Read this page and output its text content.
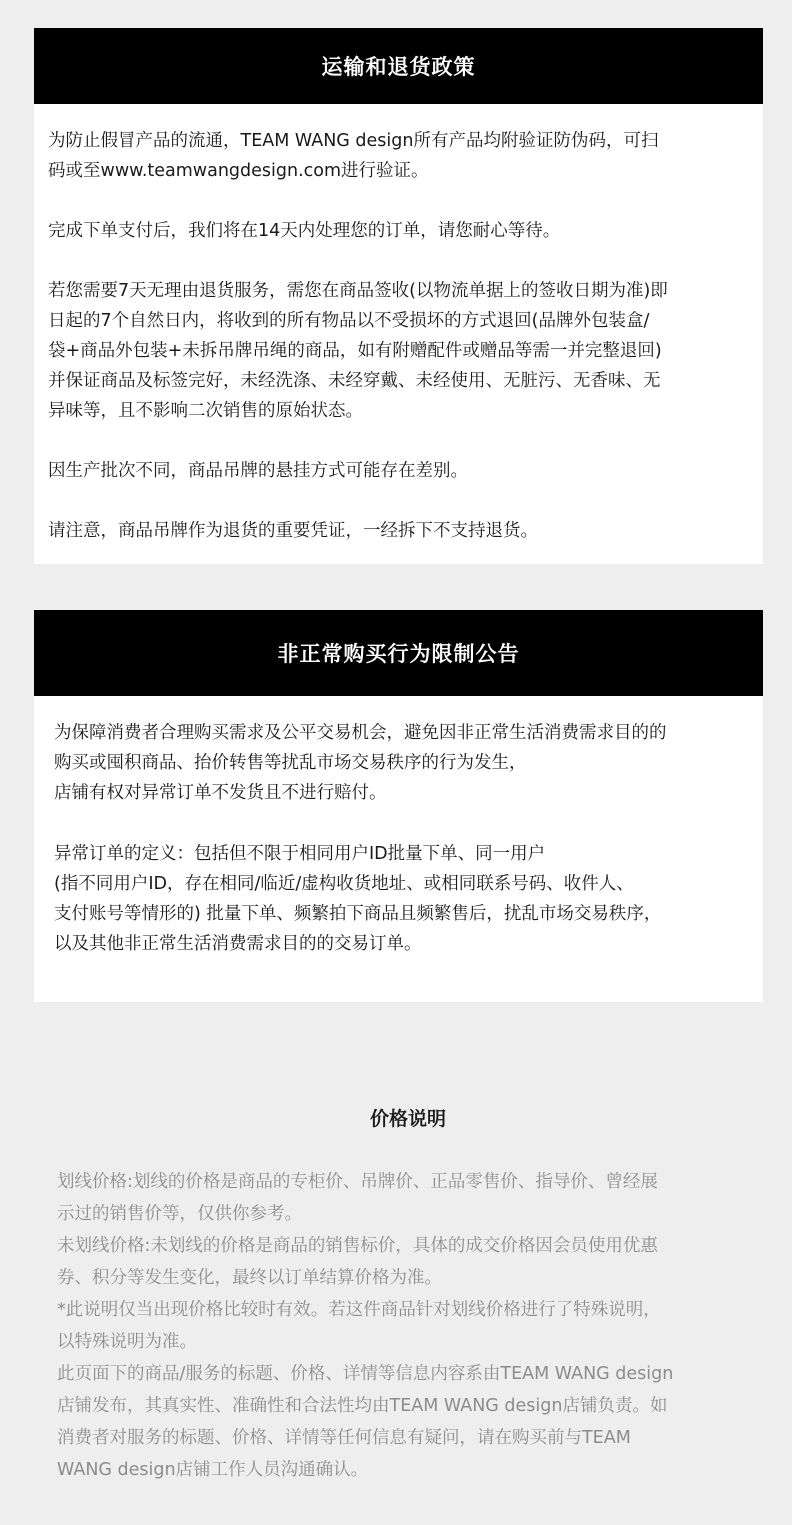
运输和退货政策

为防止假冒产品的流通，TEAM WANG design所有产品均附验证防伪码，可扫
码或至www.teamwangdesign.com进行验证。

完成下单支付后，我们将在14天内处理您的订单，请您耐心等待。

若您需要7天无理由退货服务，需您在商品签收(以物流单据上的签收日期为准)即
日起的7个自然日内，将收到的所有物品以不受损坏的方式退回(品牌外包装盒/
袋+商品外包装+未拆吊牌吊绳的商品，如有附赠配件或赠品等需一并完整退回)
并保证商品及标签完好，未经洗涤、未经穿戴、未经使用、无脏污、无香味、无
异味等，且不影响二次销售的原始状态。

因生产批次不同，商品吊牌的悬挂方式可能存在差别。

请注意，商品吊牌作为退货的重要凭证，一经拆下不支持退货。

非正常购买行为限制公告

为保障消费者合理购买需求及公平交易机会，避免因非正常生活消费需求目的的
购买或囤积商品、抬价转售等扰乱市场交易秩序的行为发生，
店铺有权对异常订单不发货且不进行赔付。

异常订单的定义：包括但不限于相同用户ID批量下单、同一用户
(指不同用户ID，存在相同/临近/虚构收货地址、或相同联系号码、收件人、
支付账号等情形的) 批量下单、频繁拍下商品且频繁售后，扰乱市场交易秩序，
以及其他非正常生活消费需求目的的交易订单。

价格说明

划线价格:划线的价格是商品的专柜价、吊牌价、正品零售价、指导价、曾经展
示过的销售价等，仅供你参考。

未划线价格:未划线的价格是商品的销售标价，具体的成交价格因会员使用优惠
券、积分等发生变化，最终以订单结算价格为准。

*此说明仅当出现价格比较时有效。若这件商品针对划线价格进行了特殊说明，
以特殊说明为准。

此页面下的商品/服务的标题、价格、详情等信息内容系由TEAM WANG design
店铺发布，其真实性、准确性和合法性均由TEAM WANG design店铺负责。如
消费者对服务的标题、价格、详情等任何信息有疑问，请在购买前与TEAM
WANG design店铺工作人员沟通确认。
